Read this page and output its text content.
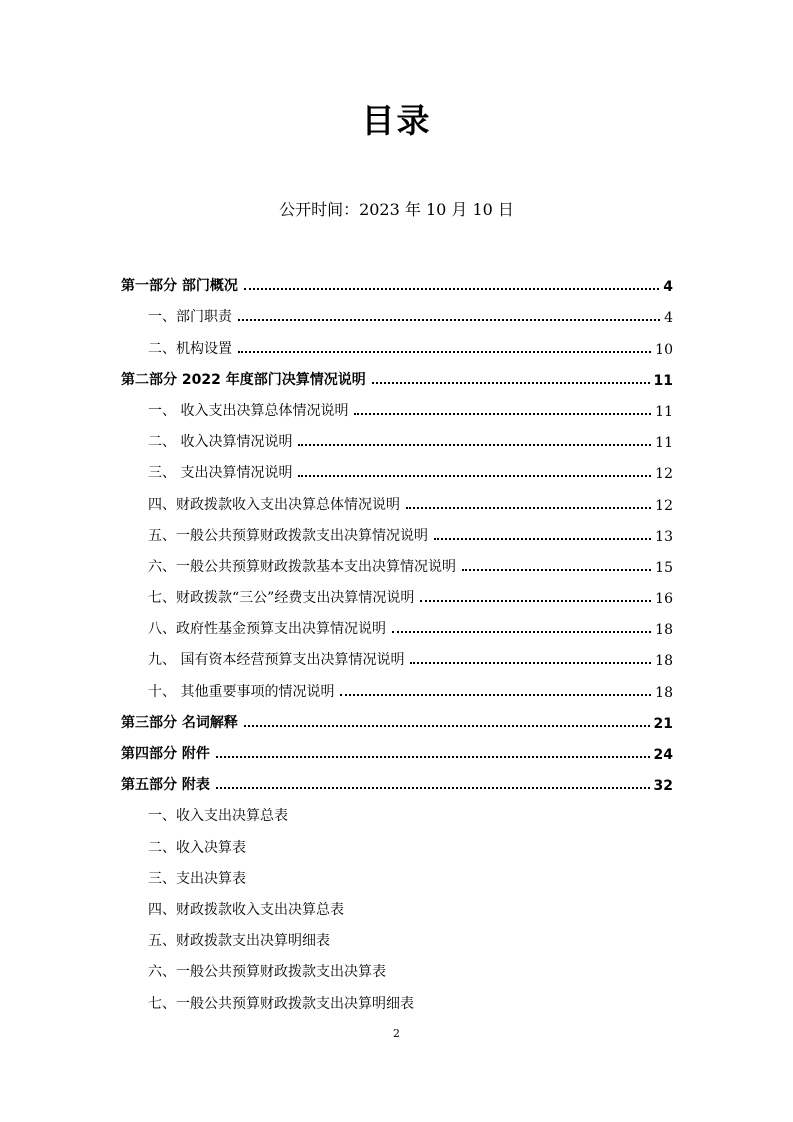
目录
公开时间：2023 年 10 月 10 日
第一部分 部门概况	4
一、部门职责	4
二、机构设置	10
第二部分 2022 年度部门决算情况说明	11
一、 收入支出决算总体情况说明	11
二、 收入决算情况说明	11
三、 支出决算情况说明	12
四、财政拨款收入支出决算总体情况说明	12
五、一般公共预算财政拨款支出决算情况说明	13
六、一般公共预算财政拨款基本支出决算情况说明	15
七、财政拨款“三公”经费支出决算情况说明	16
八、政府性基金预算支出决算情况说明	18
九、 国有资本经营预算支出决算情况说明	18
十、 其他重要事项的情况说明	18
第三部分 名词解释	21
第四部分 附件	24
第五部分 附表	32
一、收入支出决算总表
二、收入决算表
三、支出决算表
四、财政拨款收入支出决算总表
五、财政拨款支出决算明细表
六、一般公共预算财政拨款支出决算表
七、一般公共预算财政拨款支出决算明细表
2
